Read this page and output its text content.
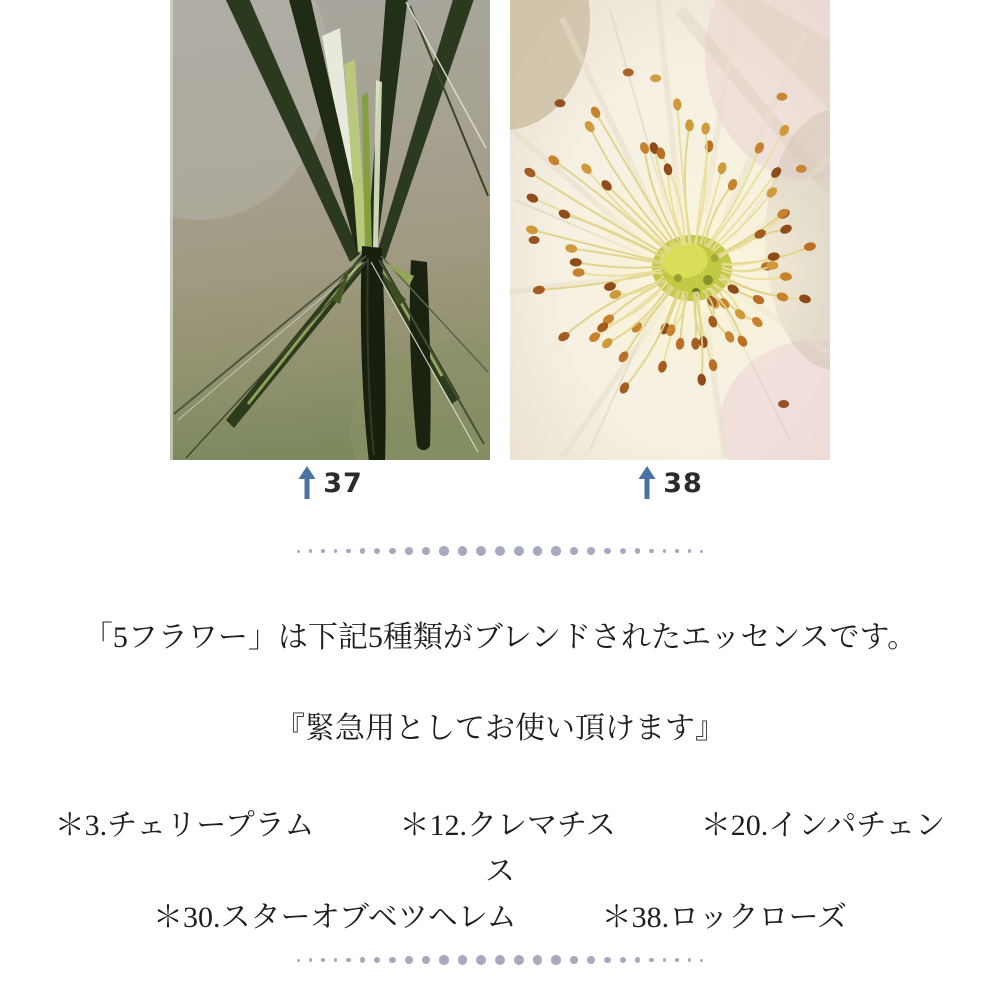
37	38

「5フラワー」は下記5種類がブレンドされたエッセンスです。

『緊急用としてお使い頂けます』

＊3.チェリープラム	＊12.クレマチス	＊20.インパチェン
ス
＊30.スターオブベツヘレム	＊38.ロックローズ
